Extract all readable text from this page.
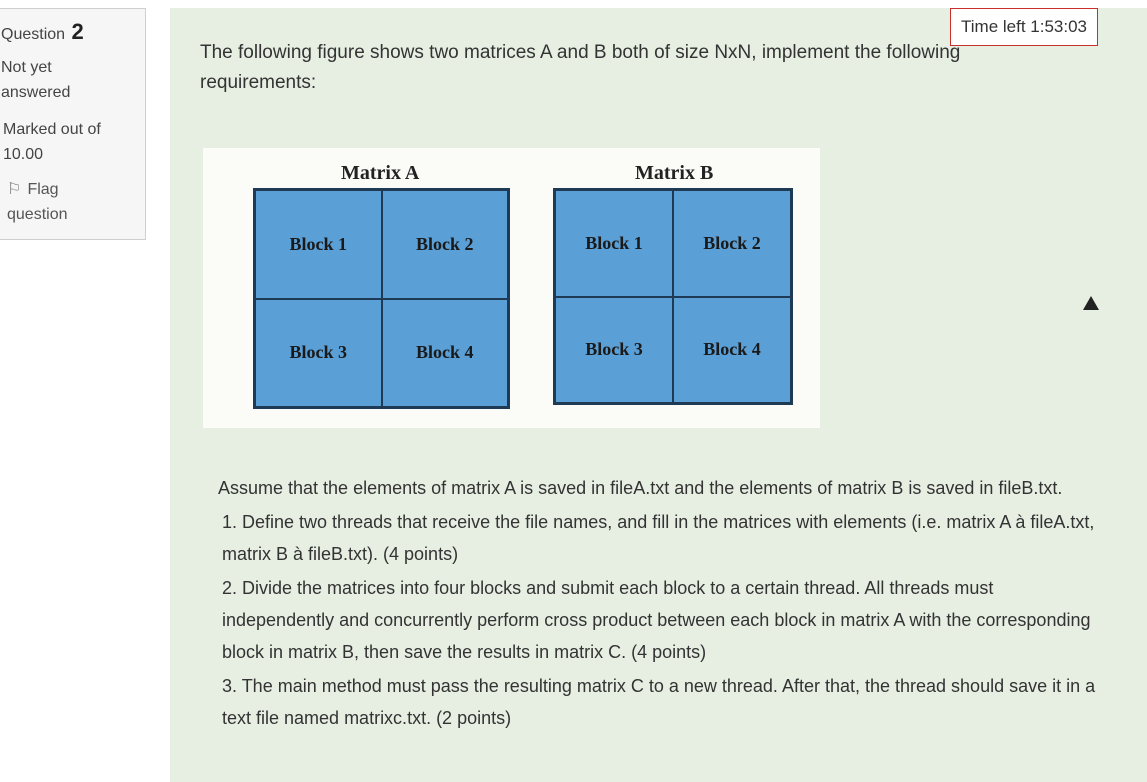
Question 2
Not yet answered
Marked out of 10.00
⚐ Flag question
Time left 1:53:03
The following figure shows two matrices A and B both of size NxN, implement the following requirements:
Matrix A
Block 1	Block 2
Block 3	Block 4
Matrix B
Block 1	Block 2
Block 3	Block 4

Assume that the elements of matrix A is saved in fileA.txt and the elements of matrix B is saved in fileB.txt.

1. Define two threads that receive the file names, and fill in the matrices with elements (i.e. matrix A à fileA.txt, matrix B à fileB.txt). (4 points)

2. Divide the matrices into four blocks and submit each block to a certain thread. All threads must independently and concurrently perform cross product between each block in matrix A with the corresponding block in matrix B, then save the results in matrix C. (4 points)

3. The main method must pass the resulting matrix C to a new thread. After that, the thread should save it in a text file named matrixc.txt. (2 points)
